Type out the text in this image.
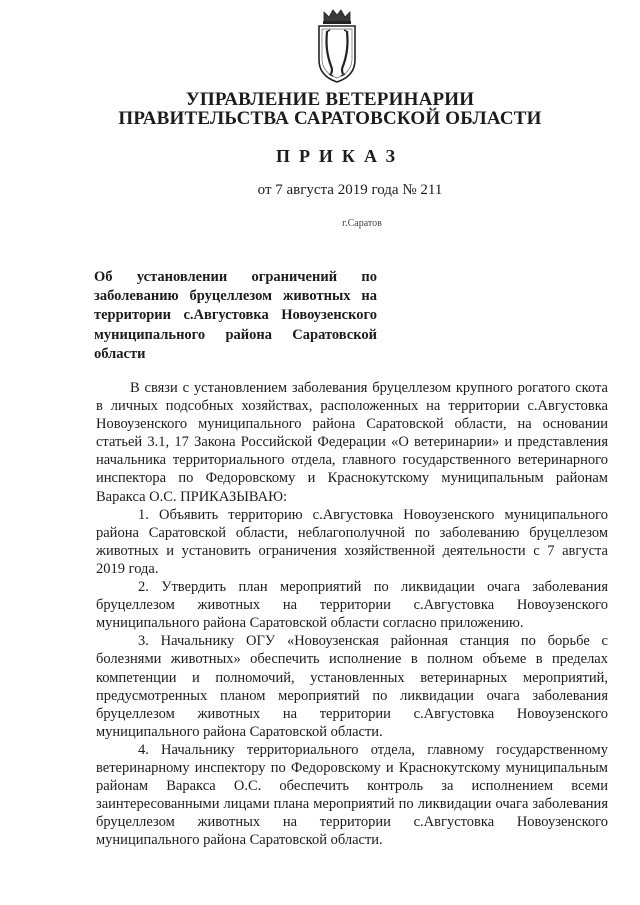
УПРАВЛЕНИЕ ВЕТЕРИНАРИИ
ПРАВИТЕЛЬСТВА САРАТОВСКОЙ ОБЛАСТИ
ПРИКАЗ
от 7 августа 2019 года № 211
г.Саратов
Об установлении ограничений по заболеванию бруцеллезом животных на территории с.Августовка Новоузенского муниципального района Саратовской области

В связи с установлением заболевания бруцеллезом крупного рогатого скота в личных подсобных хозяйствах, расположенных на территории с.Августовка Новоузенского муниципального района Саратовской области, на основании статьей 3.1, 17 Закона Российской Федерации «О ветеринарии» и представления начальника территориального отдела, главного государственного ветеринарного инспектора по Федоровскому и Краснокутскому муниципальным районам Варакса О.С. ПРИКАЗЫВАЮ:

1. Объявить территорию с.Августовка Новоузенского муниципального района Саратовской области, неблагополучной по заболеванию бруцеллезом животных и установить ограничения хозяйственной деятельности с 7 августа 2019 года.

2. Утвердить план мероприятий по ликвидации очага заболевания бруцеллезом животных на территории с.Августовка Новоузенского муниципального района Саратовской области согласно приложению.

3. Начальнику ОГУ «Новоузенская районная станция по борьбе с болезнями животных» обеспечить исполнение в полном объеме в пределах компетенции и полномочий, установленных ветеринарных мероприятий, предусмотренных планом мероприятий по ликвидации очага заболевания бруцеллезом животных на территории с.Августовка Новоузенского муниципального района Саратовской области.

4. Начальнику территориального отдела, главному государственному ветеринарному инспектору по Федоровскому и Краснокутскому муниципальным районам Варакса О.С. обеспечить контроль за исполнением всеми заинтересованными лицами плана мероприятий по ликвидации очага заболевания бруцеллезом животных на территории с.Августовка Новоузенского муниципального района Саратовской области.
